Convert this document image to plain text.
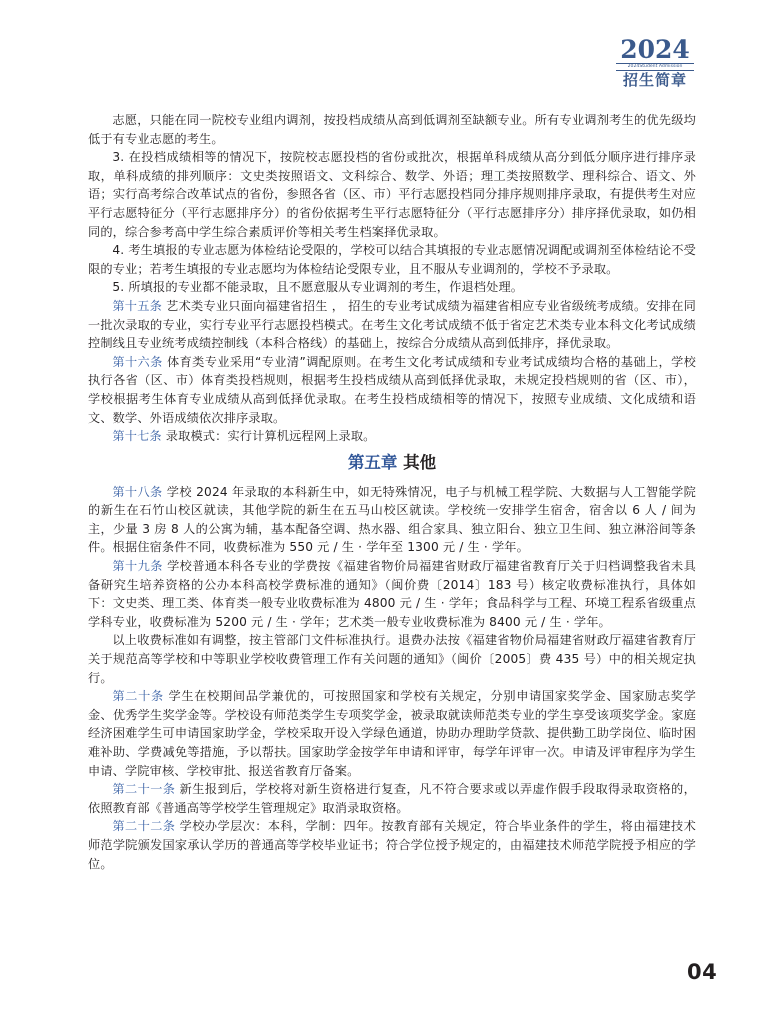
2024
2024Student Admission
招生简章

志愿，只能在同一院校专业组内调剂，按投档成绩从高到低调剂至缺额专业。所有专业调剂考生的优先级均低于有专业志愿的考生。

3. 在投档成绩相等的情况下，按院校志愿投档的省份或批次，根据单科成绩从高分到低分顺序进行排序录取，单科成绩的排列顺序：文史类按照语文、文科综合、数学、外语；理工类按照数学、理科综合、语文、外语；实行高考综合改革试点的省份，参照各省（区、市）平行志愿投档同分排序规则排序录取，有提供考生对应平行志愿特征分（平行志愿排序分）的省份依据考生平行志愿特征分（平行志愿排序分）排序择优录取，如仍相同的，综合参考高中学生综合素质评价等相关考生档案择优录取。

4. 考生填报的专业志愿为体检结论受限的，学校可以结合其填报的专业志愿情况调配或调剂至体检结论不受限的专业；若考生填报的专业志愿均为体检结论受限专业，且不服从专业调剂的，学校不予录取。

5. 所填报的专业都不能录取，且不愿意服从专业调剂的考生，作退档处理。

第十五条 艺术类专业只面向福建省招生 ， 招生的专业考试成绩为福建省相应专业省级统考成绩。安排在同一批次录取的专业，实行专业平行志愿投档模式。在考生文化考试成绩不低于省定艺术类专业本科文化考试成绩控制线且专业统考成绩控制线（本科合格线）的基础上，按综合分成绩从高到低排序，择优录取。

第十六条 体育类专业采用“专业清”调配原则。在考生文化考试成绩和专业考试成绩均合格的基础上，学校执行各省（区、市）体育类投档规则，根据考生投档成绩从高到低择优录取，未规定投档规则的省（区、市），学校根据考生体育专业成绩从高到低择优录取。在考生投档成绩相等的情况下，按照专业成绩、文化成绩和语文、数学、外语成绩依次排序录取。

第十七条 录取模式：实行计算机远程网上录取。

第五章 其他

第十八条 学校 2024 年录取的本科新生中，如无特殊情况，电子与机械工程学院、大数据与人工智能学院的新生在石竹山校区就读，其他学院的新生在五马山校区就读。学校统一安排学生宿舍，宿舍以 6 人 / 间为主，少量 3 房 8 人的公寓为辅，基本配备空调、热水器、组合家具、独立阳台、独立卫生间、独立淋浴间等条件。根据住宿条件不同，收费标准为 550 元 / 生 · 学年至 1300 元 / 生 · 学年。

第十九条 学校普通本科各专业的学费按《福建省物价局福建省财政厅福建省教育厅关于归档调整我省未具备研究生培养资格的公办本科高校学费标准的通知》（闽价费〔2014〕183 号）核定收费标准执行，具体如下：文史类、理工类、体育类一般专业收费标准为 4800 元 / 生 · 学年；食品科学与工程、环境工程系省级重点学科专业，收费标准为 5200 元 / 生 · 学年；艺术类一般专业收费标准为 8400 元 / 生 · 学年。

以上收费标准如有调整，按主管部门文件标准执行。退费办法按《福建省物价局福建省财政厅福建省教育厅关于规范高等学校和中等职业学校收费管理工作有关问题的通知》（闽价〔2005〕费 435 号）中的相关规定执行。

第二十条 学生在校期间品学兼优的，可按照国家和学校有关规定，分别申请国家奖学金、国家励志奖学金、优秀学生奖学金等。学校设有师范类学生专项奖学金，被录取就读师范类专业的学生享受该项奖学金。家庭经济困难学生可申请国家助学金，学校采取开设入学绿色通道，协助办理助学贷款、提供勤工助学岗位、临时困难补助、学费减免等措施，予以帮扶。国家助学金按学年申请和评审，每学年评审一次。申请及评审程序为学生申请、学院审核、学校审批、报送省教育厅备案。

第二十一条 新生报到后，学校将对新生资格进行复查，凡不符合要求或以弄虚作假手段取得录取资格的，依照教育部《普通高等学校学生管理规定》取消录取资格。

第二十二条 学校办学层次：本科，学制：四年。按教育部有关规定，符合毕业条件的学生，将由福建技术师范学院颁发国家承认学历的普通高等学校毕业证书；符合学位授予规定的，由福建技术师范学院授予相应的学位。

04
